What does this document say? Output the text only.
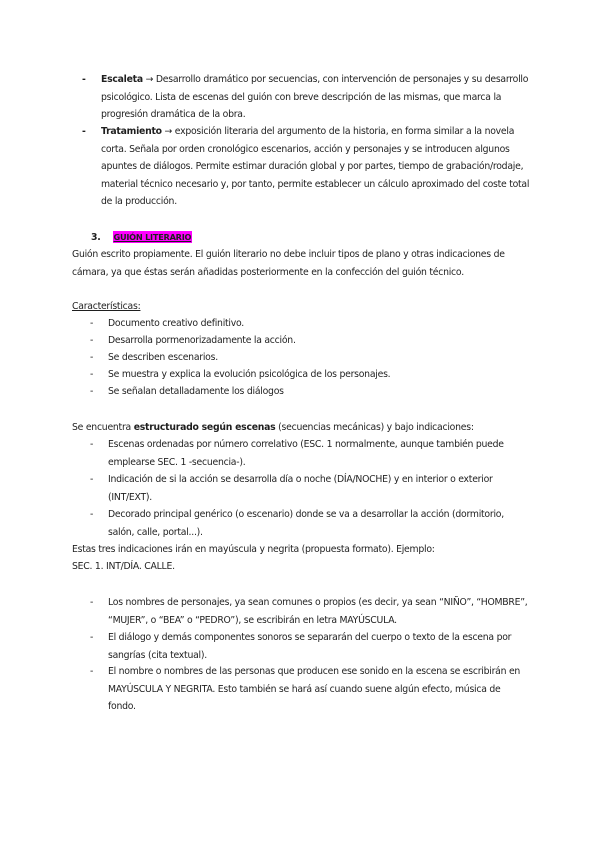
- Escaleta → Desarrollo dramático por secuencias, con intervención de personajes y su desarrollo psicológico. Lista de escenas del guión con breve descripción de las mismas, que marca la progresión dramática de la obra.
- Tratamiento → exposición literaria del argumento de la historia, en forma similar a la novela corta. Señala por orden cronológico escenarios, acción y personajes y se introducen algunos apuntes de diálogos. Permite estimar duración global y por partes, tiempo de grabación/rodaje, material técnico necesario y, por tanto, permite establecer un cálculo aproximado del coste total de la producción.
3. GUIÓN LITERARIO
Guión escrito propiamente. El guión literario no debe incluir tipos de plano y otras indicaciones de cámara, ya que éstas serán añadidas posteriormente en la confección del guión técnico.
Características:
- Documento creativo definitivo.
- Desarrolla pormenorizadamente la acción.
- Se describen escenarios.
- Se muestra y explica la evolución psicológica de los personajes.
- Se señalan detalladamente los diálogos
Se encuentra estructurado según escenas (secuencias mecánicas) y bajo indicaciones:
- Escenas ordenadas por número correlativo (ESC. 1 normalmente, aunque también puede emplearse SEC. 1 -secuencia-).
- Indicación de si la acción se desarrolla día o noche (DÍA/NOCHE) y en interior o exterior (INT/EXT).
- Decorado principal genérico (o escenario) donde se va a desarrollar la acción (dormitorio, salón, calle, portal...).
Estas tres indicaciones irán en mayúscula y negrita (propuesta formato). Ejemplo:
SEC. 1. INT/DÍA. CALLE.
- Los nombres de personajes, ya sean comunes o propios (es decir, ya sean “NIÑO”, “HOMBRE”, “MUJER”, o “BEA” o “PEDRO”), se escribirán en letra MAYÚSCULA.
- El diálogo y demás componentes sonoros se separarán del cuerpo o texto de la escena por sangrías (cita textual).
- El nombre o nombres de las personas que producen ese sonido en la escena se escribirán en MAYÚSCULA Y NEGRITA. Esto también se hará así cuando suene algún efecto, música de fondo.
